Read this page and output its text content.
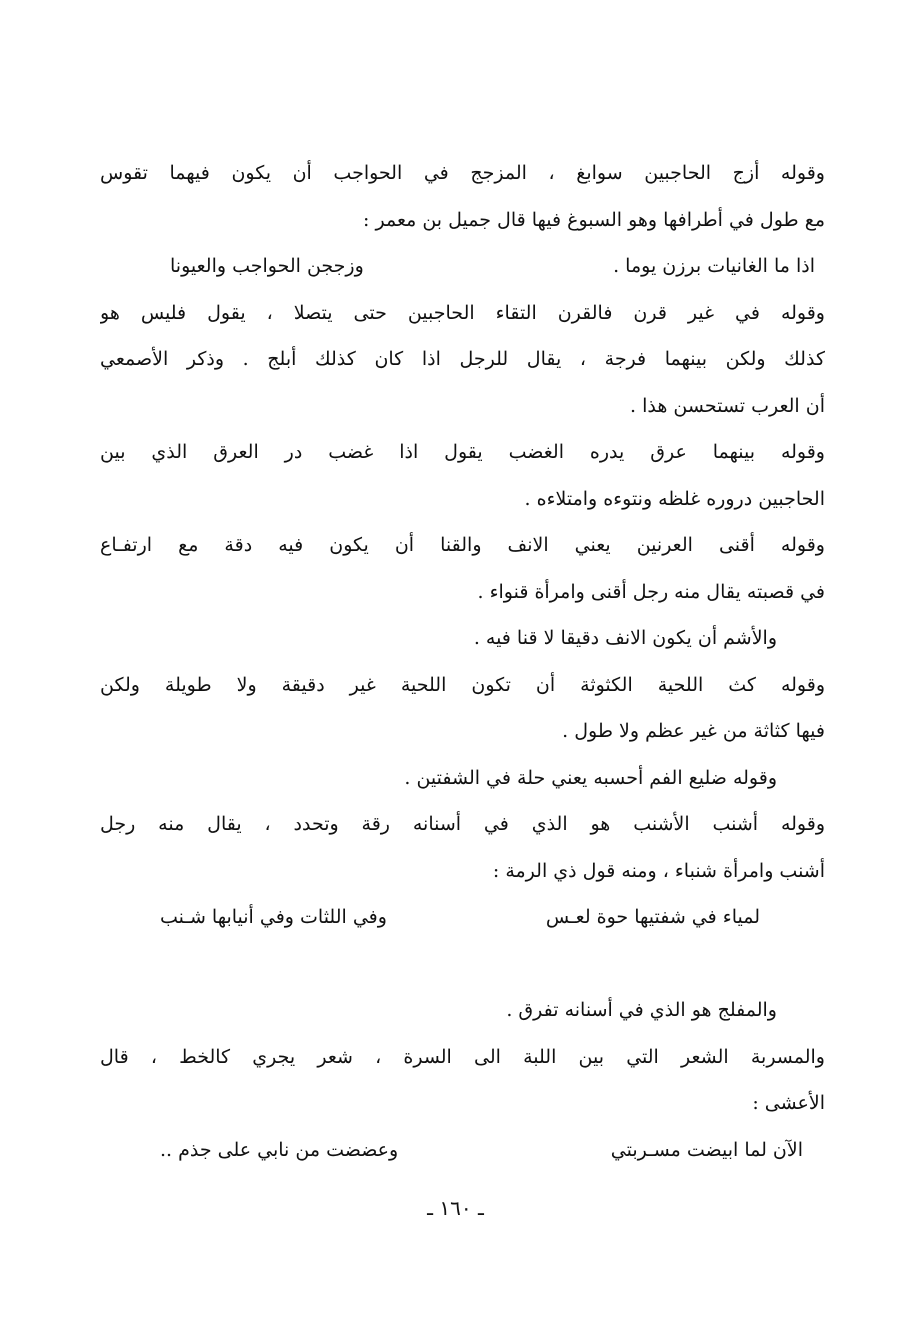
وقوله أزج الحاجبين سوابغ ، المزجج في الحواجب أن يكون فيهما تقوس
مع طول في أطرافها وهو السبوغ فيها قال جميل بن معمر :
اذا ما الغانيات برزن يوما .
وزججن الحواجب والعيونا
وقوله في غير قرن فالقرن التقاء الحاجبين حتى يتصلا ، يقول فليس هو
كذلك ولكن بينهما فرجة ، يقال للرجل اذا كان كذلك أبلج . وذكر الأصمعي
أن العرب تستحسن هذا .
وقوله بينهما عرق يدره الغضب يقول اذا غضب در العرق الذي بين
الحاجبين دروره غلظه ونتوءه وامتلاءه .
وقوله أقنى العرنين يعني الانف والقنا أن يكون فيه دقة مع ارتفـاع
في قصبته يقال منه رجل أقنى وامرأة قنواء .
والأشم أن يكون الانف دقيقا لا قنا فيه .
وقوله كث اللحية الكثوثة أن تكون اللحية غير دقيقة ولا طويلة ولكن
فيها كثاثة من غير عظم ولا طول .
وقوله ضليع الفم أحسبه يعني حلة في الشفتين .
وقوله أشنب الأشنب هو الذي في أسنانه رقة وتحدد ، يقال منه رجل
أشنب وامرأة شنباء ، ومنه قول ذي الرمة :
لمياء في شفتيها حوة لعـس
وفي اللثات وفي أنيابها شـنب
والمفلج هو الذي في أسنانه تفرق .
والمسربة الشعر التي بين اللبة الى السرة ، شعر يجري كالخط ، قال
الأعشى :
الآن لما ابيضت مسـربتي
وعضضت من نابي على جذم ..
ـ ١٦٠ ـ
